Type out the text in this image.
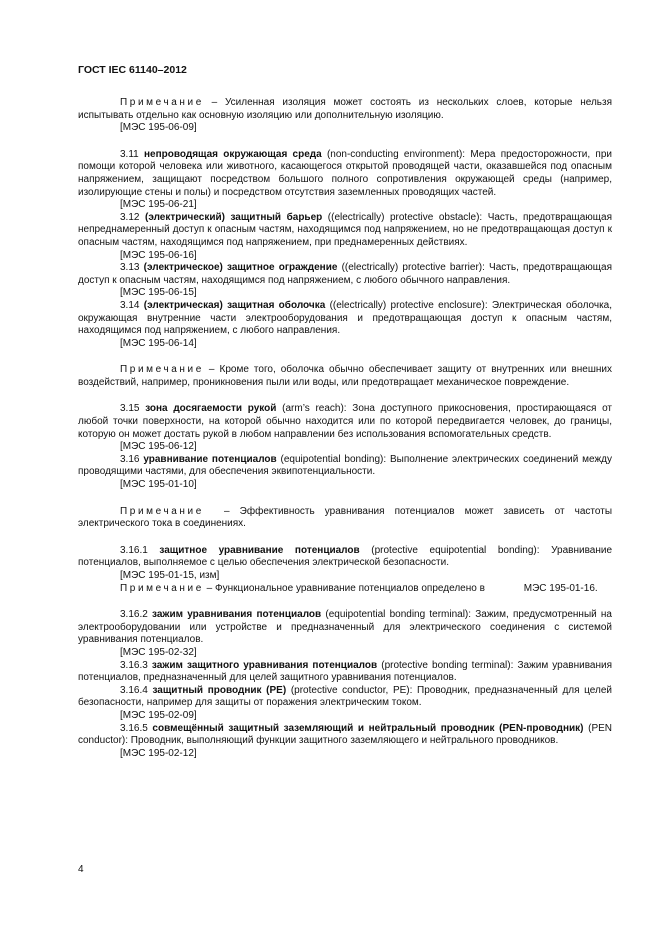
ГОСТ IEC 61140–2012

Примечание – Усиленная изоляция может состоять из нескольких слоев, которые нельзя испытывать отдельно как основную изоляцию или дополнительную изоляцию.

[МЭС 195-06-09]

3.11 непроводящая окружающая среда (non-conducting environment): Мера предосторожности, при помощи которой человека или животного, касающегося открытой проводящей части, оказавшейся под опасным напряжением, защищают посредством большого полного сопротивления окружающей среды (например, изолирующие стены и полы) и посредством отсутствия заземленных проводящих частей.

[МЭС 195-06-21]

3.12 (электрический) защитный барьер ((electrically) protective obstacle): Часть, предотвращающая непреднамеренный доступ к опасным частям, находящимся под напряжением, но не предотвращающая доступ к опасным частям, находящимся под напряжением, при преднамеренных действиях.

[МЭС 195-06-16]

3.13 (электрическое) защитное ограждение ((electrically) protective barrier): Часть, предотвращающая доступ к опасным частям, находящимся под напряжением, с любого обычного направления.

[МЭС 195-06-15]

3.14 (электрическая) защитная оболочка ((electrically) protective enclosure): Электрическая оболочка, окружающая внутренние части электрооборудования и предотвращающая доступ к опасным частям, находящимся под напряжением, с любого направления.

[МЭС 195-06-14]

Примечание – Кроме того, оболочка обычно обеспечивает защиту от внутренних или внешних воздействий, например, проникновения пыли или воды, или предотвращает механическое повреждение.

3.15 зона досягаемости рукой (arm’s reach): Зона доступного прикосновения, простирающаяся от любой точки поверхности, на которой обычно находится или по которой передвигается человек, до границы, которую он может достать рукой в любом направлении без использования вспомогательных средств.

[МЭС 195-06-12]

3.16 уравнивание потенциалов (equipotential bonding): Выполнение электрических соединений между проводящими частями, для обеспечения эквипотенциальности.

[МЭС 195-01-10]

Примечание  – Эффективность уравнивания потенциалов может зависеть от частоты электрического тока в соединениях.

3.16.1 защитное уравнивание потенциалов (protective equipotential bonding): Уравнивание потенциалов, выполняемое с целью обеспечения электрической безопасности.

[МЭС 195-01-15, изм]

Примечание – Функциональное уравнивание потенциалов определено в              МЭС 195-01-16.

3.16.2 зажим уравнивания потенциалов (equipotential bonding terminal): Зажим, предусмотренный на электрооборудовании или устройстве и предназначенный для электрического соединения с системой уравнивания потенциалов.

[МЭС 195-02-32]

3.16.3 зажим защитного уравнивания потенциалов (protective bonding terminal): Зажим уравнивания потенциалов, предназначенный для целей защитного уравнивания потенциалов.

3.16.4 защитный проводник (PE) (protective conductor, PE): Проводник, предназначенный для целей безопасности, например для защиты от поражения электрическим током.

[МЭС 195-02-09]

3.16.5 совмещённый защитный заземляющий и нейтральный проводник (PEN-проводник) (PEN conductor): Проводник, выполняющий функции защитного заземляющего и нейтрального проводников.

[МЭС 195-02-12]

4
